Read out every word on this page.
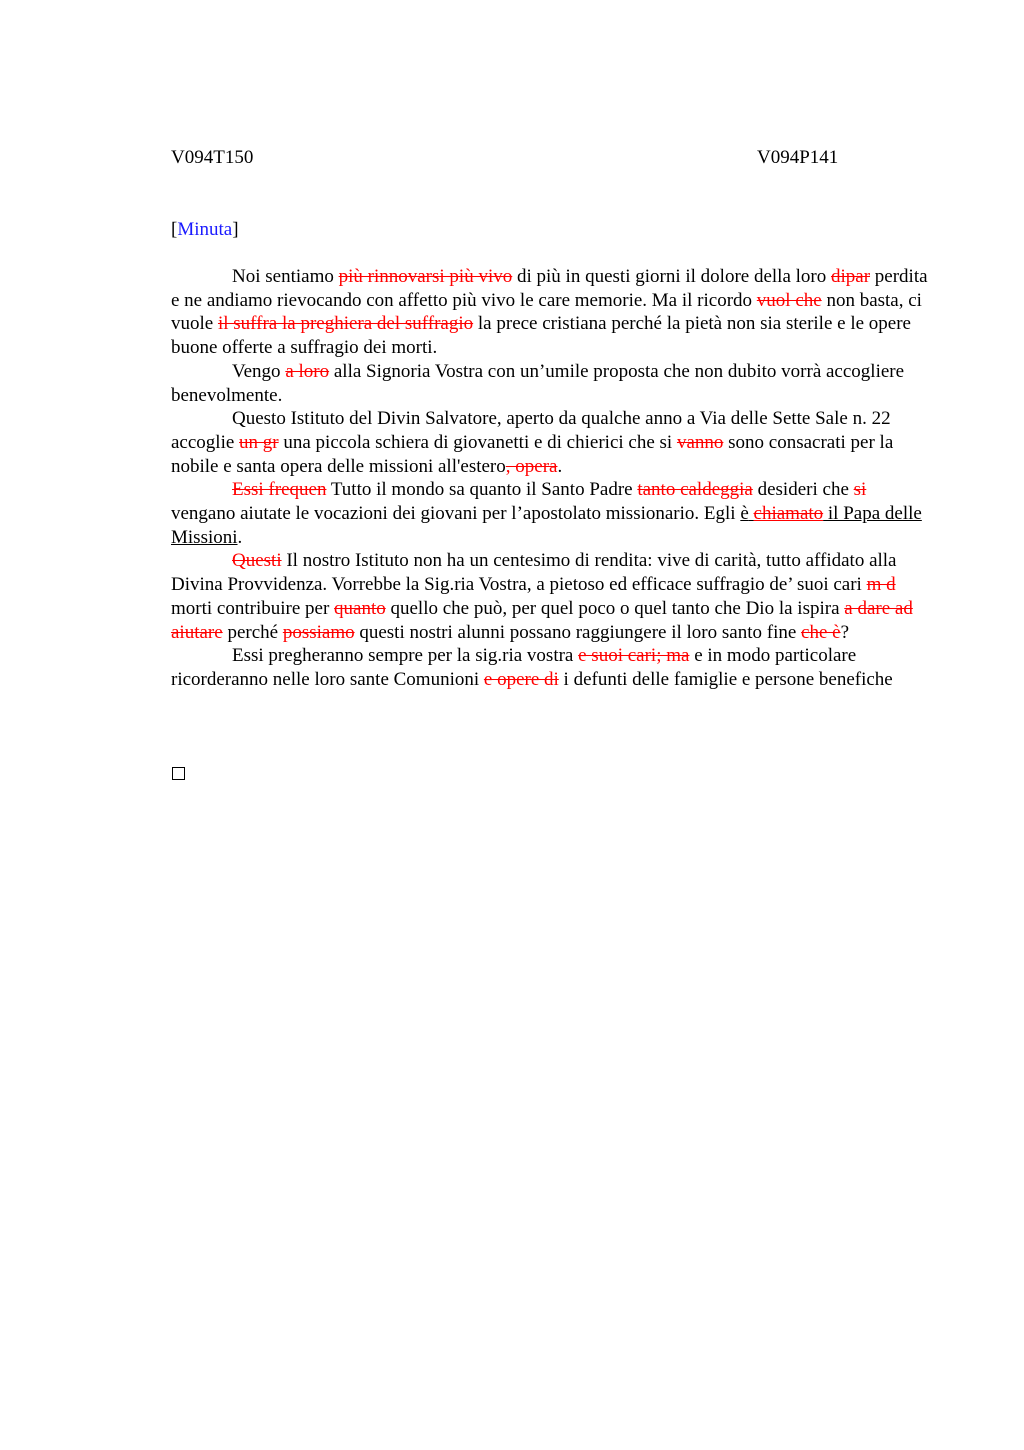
V094T150	V094P141
[Minuta]

Noi sentiamo più rinnovarsi più vivo di più in questi giorni il dolore della loro dipar perdita e ne andiamo rievocando con affetto più vivo le care memorie. Ma il ricordo vuol che non basta, ci vuole il suffra la preghiera del suffragio la prece cristiana perché la pietà non sia sterile e le opere buone offerte a suffragio dei morti.

Vengo a loro alla Signoria Vostra con un’umile proposta che non dubito vorrà accogliere benevolmente.

Questo Istituto del Divin Salvatore, aperto da qualche anno a Via delle Sette Sale n. 22 accoglie un gr una piccola schiera di giovanetti e di chierici che si vanno sono consacrati per la nobile e santa opera delle missioni all'estero, opera.

Essi frequen Tutto il mondo sa quanto il Santo Padre tanto caldeggia desideri che si vengano aiutate le vocazioni dei giovani per l’apostolato missionario. Egli è chiamato il Papa delle Missioni.

Questi Il nostro Istituto non ha un centesimo di rendita: vive di carità, tutto affidato alla Divina Provvidenza. Vorrebbe la Sig.ria Vostra, a pietoso ed efficace suffragio de’ suoi cari m d morti contribuire per quanto quello che può, per quel poco o quel tanto che Dio la ispira a dare ad aiutare perché possiamo questi nostri alunni possano raggiungere il loro santo fine che è?

Essi pregheranno sempre per la sig.ria vostra e suoi cari; ma e in modo particolare ricorderanno nelle loro sante Comunioni e opere di i defunti delle famiglie e persone benefiche
